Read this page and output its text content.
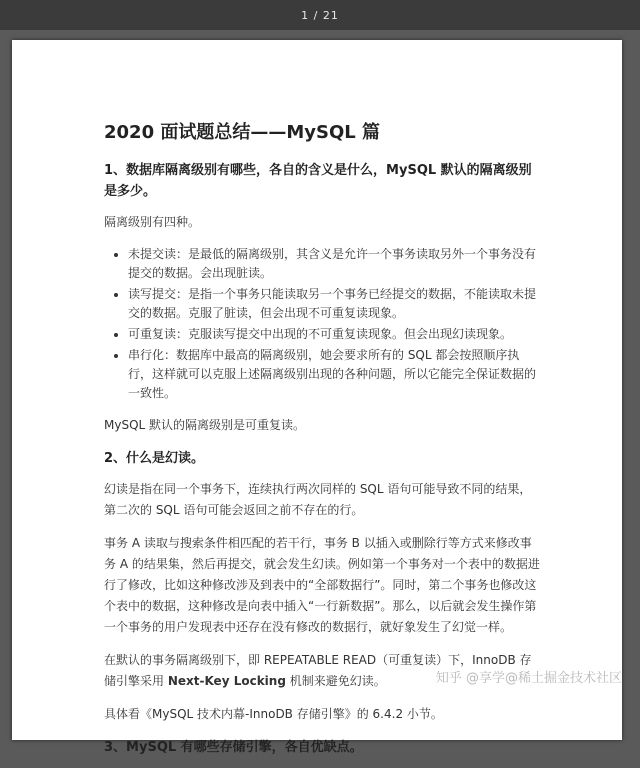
1 / 21
2020 面试题总结——MySQL 篇
1、数据库隔离级别有哪些，各自的含义是什么，MySQL 默认的隔离级别是多少。

隔离级别有四种。

• 未提交读：是最低的隔离级别，其含义是允许一个事务读取另外一个事务没有提交的数据。会出现脏读。
• 读写提交：是指一个事务只能读取另一个事务已经提交的数据，不能读取未提交的数据。克服了脏读，但会出现不可重复读现象。
• 可重复读：克服读写提交中出现的不可重复读现象。但会出现幻读现象。
• 串行化：数据库中最高的隔离级别，她会要求所有的 SQL 都会按照顺序执行，这样就可以克服上述隔离级别出现的各种问题，所以它能完全保证数据的一致性。

MySQL 默认的隔离级别是可重复读。

2、什么是幻读。

幻读是指在同一个事务下，连续执行两次同样的 SQL 语句可能导致不同的结果，第二次的 SQL 语句可能会返回之前不存在的行。

事务 A 读取与搜索条件相匹配的若干行，事务 B 以插入或删除行等方式来修改事务 A 的结果集，然后再提交，就会发生幻读。例如第一个事务对一个表中的数据进行了修改，比如这种修改涉及到表中的“全部数据行”。同时，第二个事务也修改这个表中的数据，这种修改是向表中插入“一行新数据”。那么，以后就会发生操作第一个事务的用户发现表中还存在没有修改的数据行，就好象发生了幻觉一样。

在默认的事务隔离级别下，即 REPEATABLE READ（可重复读）下，InnoDB 存储引擎采用 Next-Key Locking 机制来避免幻读。

具体看《MySQL 技术内幕-InnoDB 存储引擎》的 6.4.2 小节。

3、MySQL 有哪些存储引擎，各自优缺点。
知乎 @享学@稀土掘金技术社区
